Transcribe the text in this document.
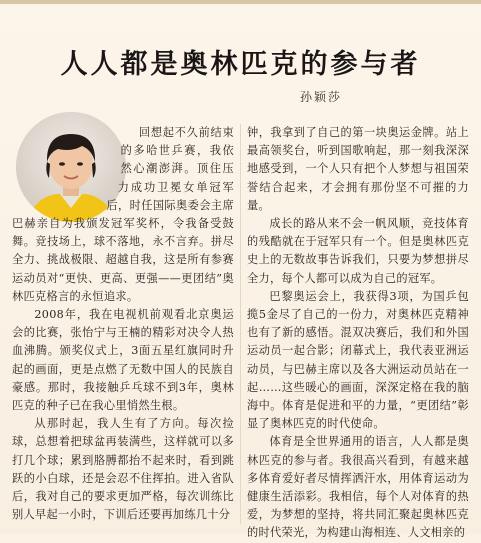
人人都是奥林匹克的参与者
孙颖莎

回想起不久前结束的多哈世乒赛，我依然心潮澎湃。顶住压力成功卫冕女单冠军后，时任国际奥委会主席巴赫亲自为我颁发冠军奖杯，令我备受鼓舞。竞技场上，球不落地，永不言弃。拼尽全力、挑战极限、超越自我，这是所有参赛运动员对“更快、更高、更强——更团结”奥林匹克格言的永恒追求。

2008年，我在电视机前观看北京奥运会的比赛，张怡宁与王楠的精彩对决令人热血沸腾。颁奖仪式上，3面五星红旗同时升起的画面，更是点燃了无数中国人的民族自豪感。那时，我接触乒乓球不到3年，奥林匹克的种子已在我心里悄然生根。

从那时起，我人生有了方向。每次捡球，总想着把球盆再装满些，这样就可以多打几个球；累到胳膊都抬不起来时，看到跳跃的小白球，还是会忍不住挥拍。进入省队后，我对自己的要求更加严格，每次训练比别人早起一小时，下训后还要再加练几十分

钟，我拿到了自己的第一块奥运金牌。站上最高领奖台，听到国歌响起，那一刻我深深地感受到，一个人只有把个人梦想与祖国荣誉结合起来，才会拥有那份坚不可摧的力量。

成长的路从来不会一帆风顺，竞技体育的残酷就在于冠军只有一个。但是奥林匹克史上的无数故事告诉我们，只要为梦想拼尽全力，每个人都可以成为自己的冠军。

巴黎奥运会上，我获得3项，为国乒包揽5金尽了自己的一份力，对奥林匹克精神也有了新的感悟。混双决赛后，我们和外国运动员一起合影；闭幕式上，我代表亚洲运动员，与巴赫主席以及各大洲运动员站在一起……这些暖心的画面，深深定格在我的脑海中。体育是促进和平的力量，“更团结”彰显了奥林匹克的时代使命。

体育是全世界通用的语言，人人都是奥林匹克的参与者。我很高兴看到，有越来越多体育爱好者尽情挥洒汗水，用体育运动为健康生活添彩。我相信，每个人对体育的热爱，为梦想的坚持，将共同汇聚起奥林匹克的时代荣光，为构建山海相连、人文相亲的
